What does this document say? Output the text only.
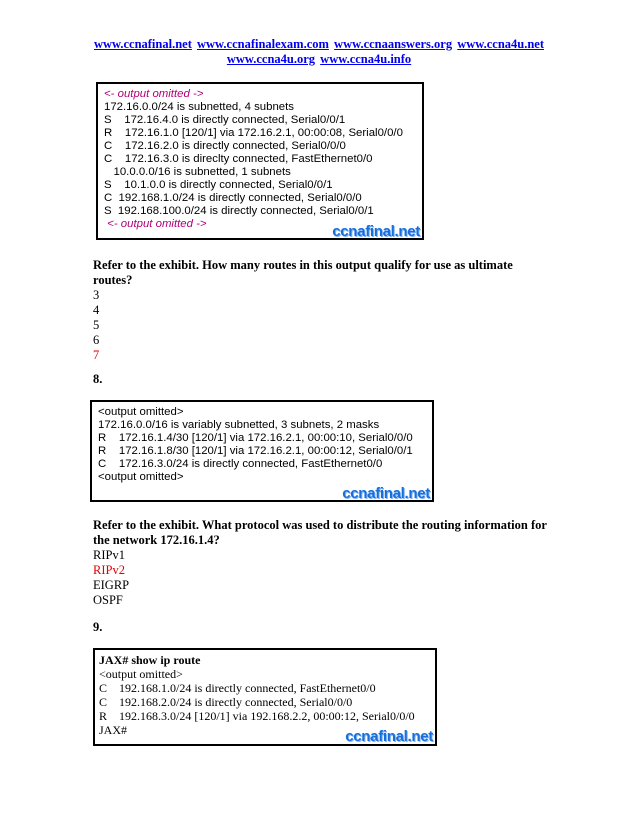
www.ccnafinal.net www.ccnafinalexam.com www.ccnaanswers.org www.ccna4u.net
www.ccna4u.org www.ccna4u.info
<- output omitted ->
172.16.0.0/24 is subnetted, 4 subnets
S    172.16.4.0 is directly connected, Serial0/0/1
R    172.16.1.0 [120/1] via 172.16.2.1, 00:00:08, Serial0/0/0
C    172.16.2.0 is directly connected, Serial0/0/0
C    172.16.3.0 is direclty connected, FastEthernet0/0
10.0.0.0/16 is subnetted, 1 subnets
S    10.1.0.0 is directly connected, Serial0/0/1
C  192.168.1.0/24 is directly connected, Serial0/0/0
S  192.168.100.0/24 is directly connected, Serial0/0/1
<- output omitted ->	ccnafinal.net
Refer to the exhibit. How many routes in this output qualify for use as ultimate routes?
3
4
5
6
7
8.
<output omitted>
172.16.0.0/16 is variably subnetted, 3 subnets, 2 masks
R    172.16.1.4/30 [120/1] via 172.16.2.1, 00:00:10, Serial0/0/0
R    172.16.1.8/30 [120/1] via 172.16.2.1, 00:00:12, Serial0/0/1
C    172.16.3.0/24 is directly connected, FastEthernet0/0
<output omitted>
ccnafinal.net
Refer to the exhibit. What protocol was used to distribute the routing information for the network 172.16.1.4?
RIPv1
RIPv2
EIGRP
OSPF
9.
JAX# show ip route
<output omitted>
C    192.168.1.0/24 is directly connected, FastEthernet0/0
C    192.168.2.0/24 is directly connected, Serial0/0/0
R    192.168.3.0/24 [120/1] via 192.168.2.2, 00:00:12, Serial0/0/0
JAX#	ccnafinal.net
